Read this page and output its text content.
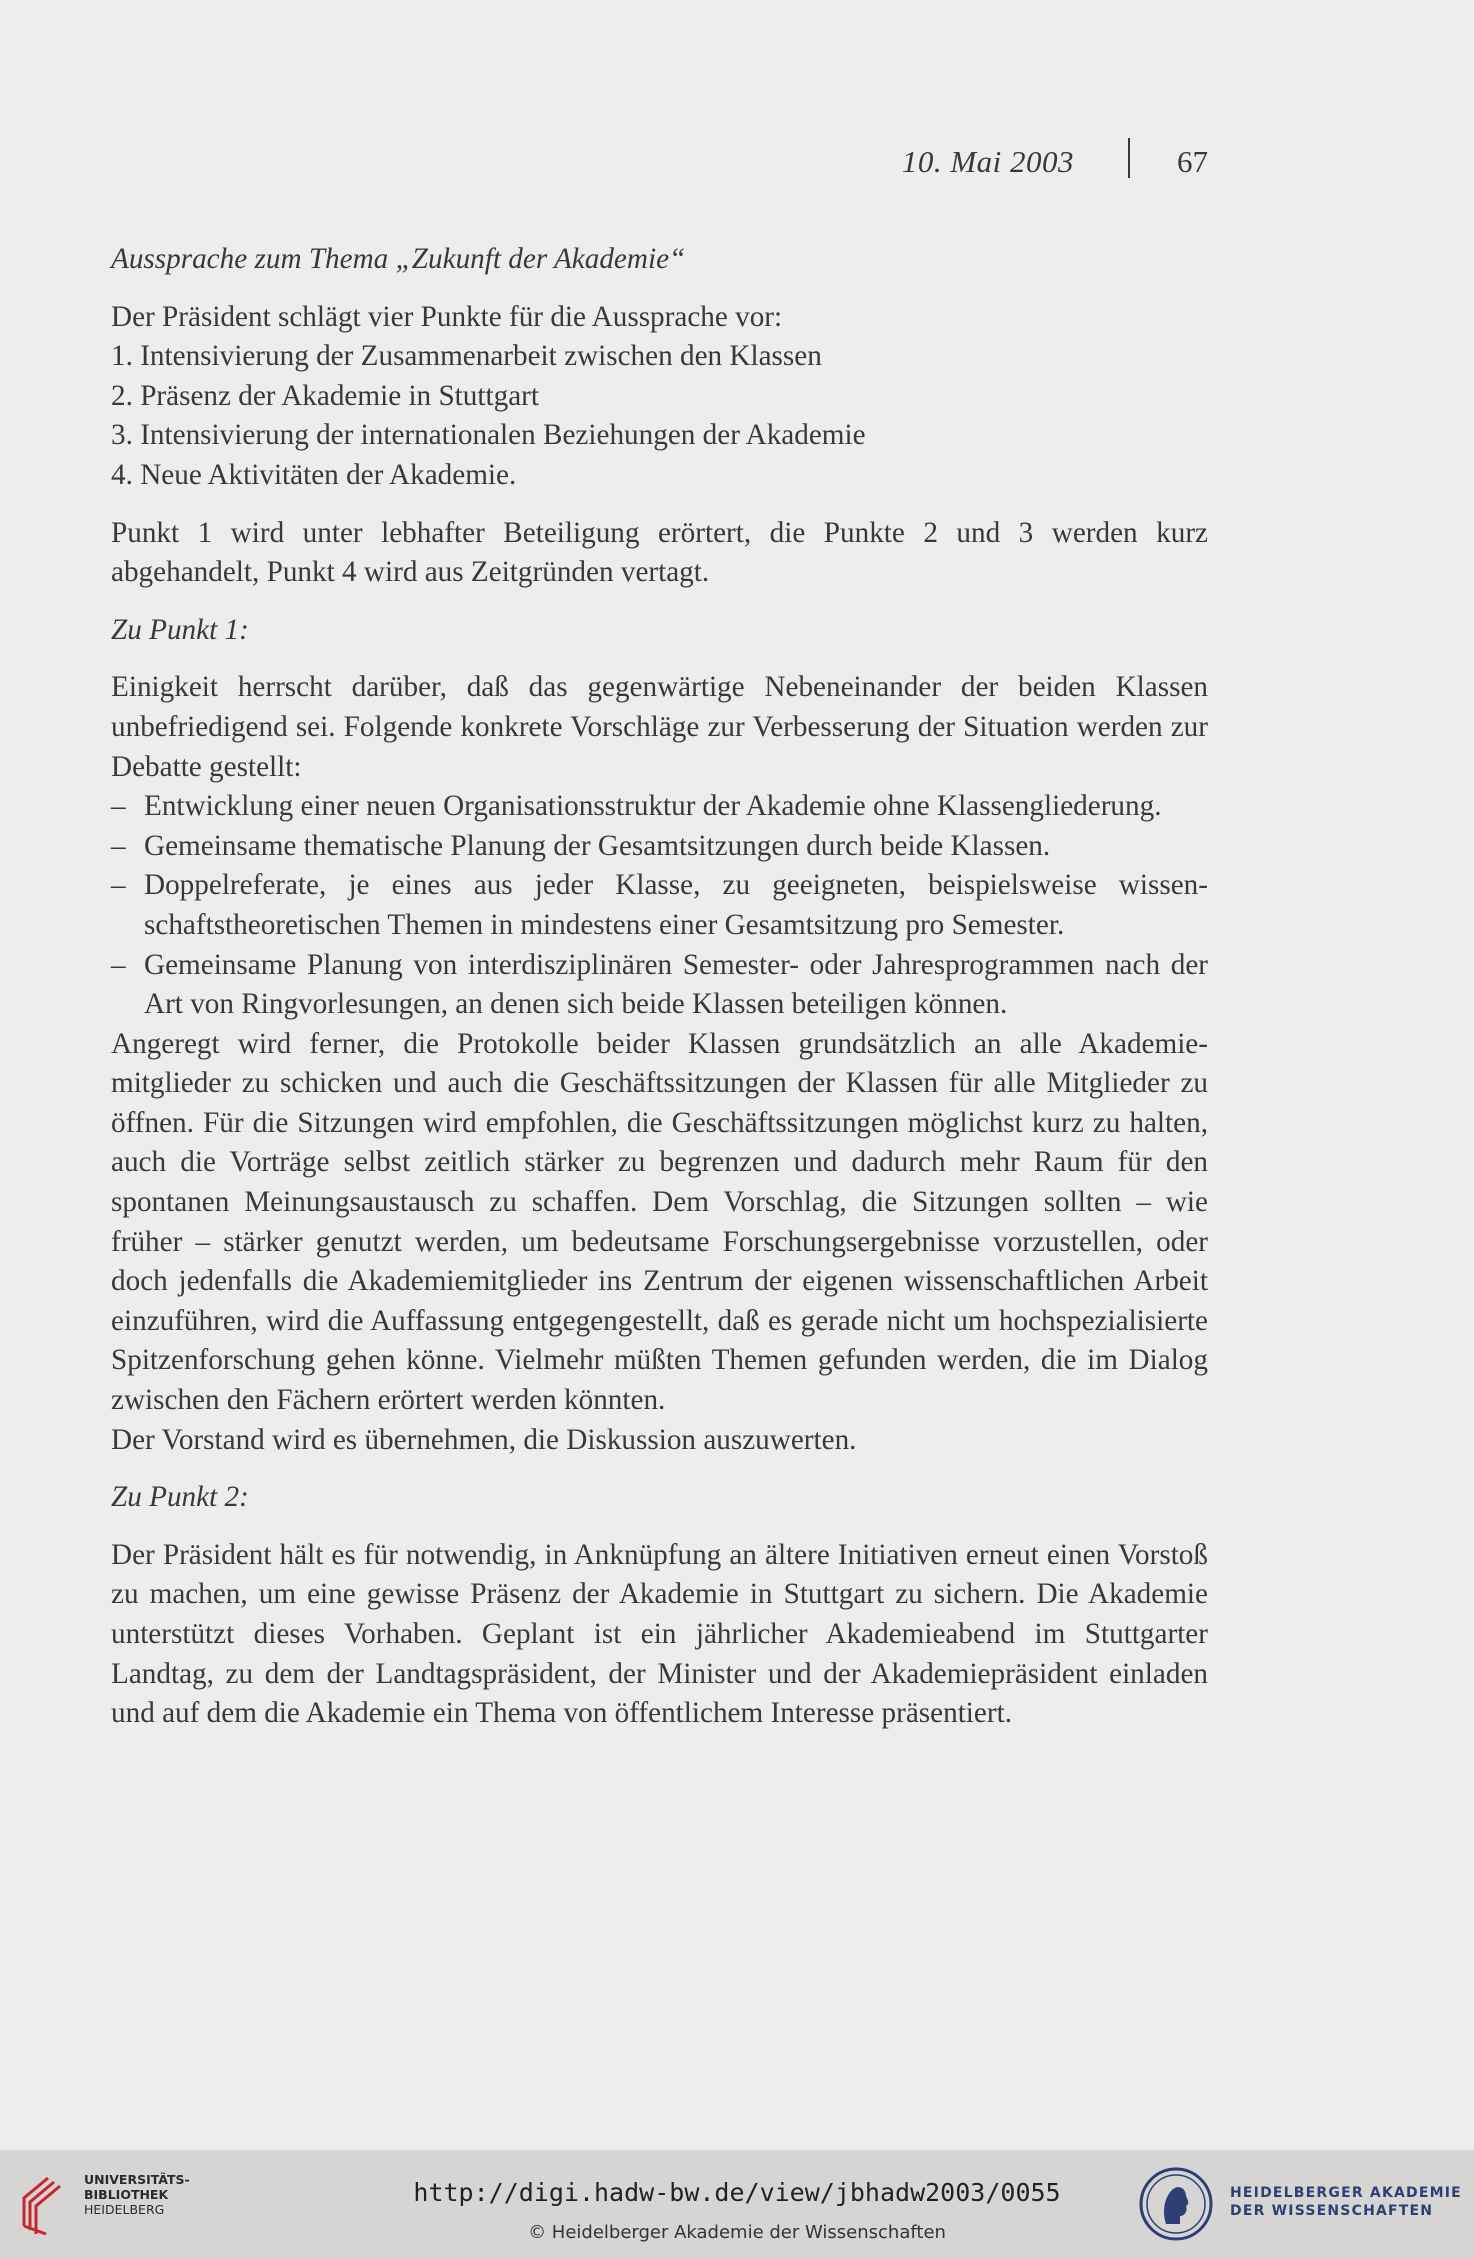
10. Mai 2003	67

Aussprache zum Thema „Zukunft der Akademie“

Der Präsident schlägt vier Punkte für die Aussprache vor:

1. Intensivierung der Zusammenarbeit zwischen den Klassen
2. Präsenz der Akademie in Stuttgart
3. Intensivierung der internationalen Beziehungen der Akademie
4. Neue Aktivitäten der Akademie.

Punkt 1 wird unter lebhafter Beteiligung erörtert, die Punkte 2 und 3 werden kurz abgehandelt, Punkt 4 wird aus Zeitgründen vertagt.

Zu Punkt 1:

Einigkeit herrscht darüber, daß das gegenwärtige Nebeneinander der beiden Klassen unbefriedigend sei. Folgende konkrete Vorschläge zur Verbesserung der Situation werden zur Debatte gestellt:

– Entwicklung einer neuen Organisationsstruktur der Akademie ohne Klassengliederung.
– Gemeinsame thematische Planung der Gesamtsitzungen durch beide Klassen.
– Doppelreferate, je eines aus jeder Klasse, zu geeigneten, beispielsweise wissenschaftstheoretischen Themen in mindestens einer Gesamtsitzung pro Semester.
– Gemeinsame Planung von interdisziplinären Semester- oder Jahresprogrammen nach der Art von Ringvorlesungen, an denen sich beide Klassen beteiligen können.

Angeregt wird ferner, die Protokolle beider Klassen grundsätzlich an alle Akademiemitglieder zu schicken und auch die Geschäftssitzungen der Klassen für alle Mitglieder zu öffnen. Für die Sitzungen wird empfohlen, die Geschäftssitzungen möglichst kurz zu halten, auch die Vorträge selbst zeitlich stärker zu begrenzen und dadurch mehr Raum für den spontanen Meinungsaustausch zu schaffen. Dem Vorschlag, die Sitzungen sollten – wie früher – stärker genutzt werden, um bedeutsame Forschungsergebnisse vorzustellen, oder doch jedenfalls die Akademiemitglieder ins Zentrum der eigenen wissenschaftlichen Arbeit einzuführen, wird die Auffassung entgegengestellt, daß es gerade nicht um hochspezialisierte Spitzenforschung gehen könne. Vielmehr müßten Themen gefunden werden, die im Dialog zwischen den Fächern erörtert werden könnten.

Der Vorstand wird es übernehmen, die Diskussion auszuwerten.

Zu Punkt 2:

Der Präsident hält es für notwendig, in Anknüpfung an ältere Initiativen erneut einen Vorstoß zu machen, um eine gewisse Präsenz der Akademie in Stuttgart zu sichern. Die Akademie unterstützt dieses Vorhaben. Geplant ist ein jährlicher Akademieabend im Stuttgarter Landtag, zu dem der Landtagspräsident, der Minister und der Akademiepräsident einladen und auf dem die Akademie ein Thema von öffentlichem Interesse präsentiert.

UNIVERSITÄTS-
BIBLIOTHEK
HEIDELBERG
http://digi.hadw-bw.de/view/jbhadw2003/0055
© Heidelberger Akademie der Wissenschaften
HEIDELBERGER AKADEMIE
DER WISSENSCHAFTEN
